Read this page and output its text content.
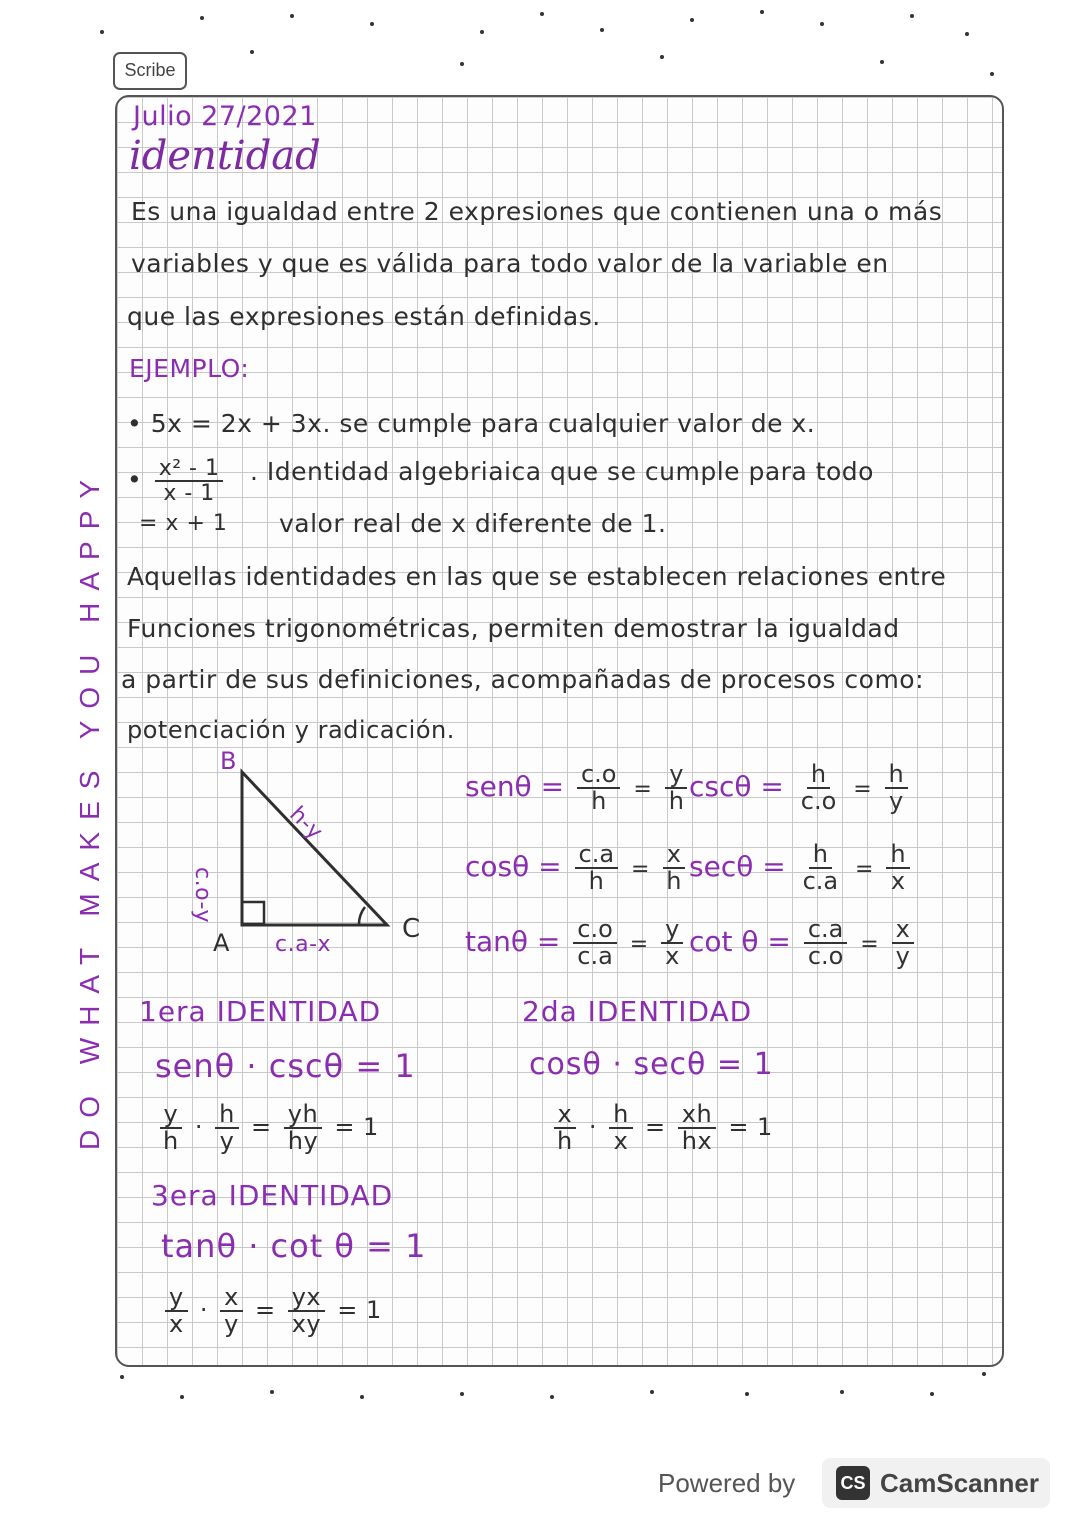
Scribe
DO WHAT MAKES YOU HAPPY
Julio 27/2021
identidad
Es una igualdad entre 2 expresiones que contienen una o más
variables y que es válida para todo valor de la variable en
que las expresiones están definidas.
EJEMPLO:
• 5x = 2x + 3x. se cumple para cualquier valor de x.
• $\frac{\text{x² - 1}}{x - 1}$ . Identidad algebriaica que se cumple para todo
= x + 1 valor real de x diferente de 1.
Aquellas identidades en las que se establecen relaciones entre
Funciones trigonométricas, permiten demostrar la igualdad
a partir de sus definiciones, acompañadas de procesos como:
potenciación y radicación.
B
A	C
c.o-y
h-y
c.a-x
$sen\theta = \frac{c.o}{h} = \frac{y}{h}$ $\csc\theta = \frac{h}{c.o} = \frac{h}{y}$
$\cos\theta = \frac{c.a}{h} = \frac{x}{h}$ $\sec\theta = \frac{h}{c.a} = \frac{h}{x}$
$\tan\theta = \frac{c.o}{c.a} = \frac{y}{x}$ $\cot \theta = \frac{c.a}{c.o} = \frac{x}{y}$
1era IDENTIDAD
senθ · cscθ = 1
$\frac{y}{h} \cdot \frac{h}{y} = \frac{yh}{hy} = 1$
2da IDENTIDAD
cosθ · secθ = 1
$\frac{x}{h} \cdot \frac{h}{x} = \frac{xh}{hx} = 1$
3era IDENTIDAD
tanθ · cot θ = 1
$\frac{y}{x} \cdot \frac{x}{y} = \frac{yx}{xy} = 1$
Powered by	CS CamScanner
